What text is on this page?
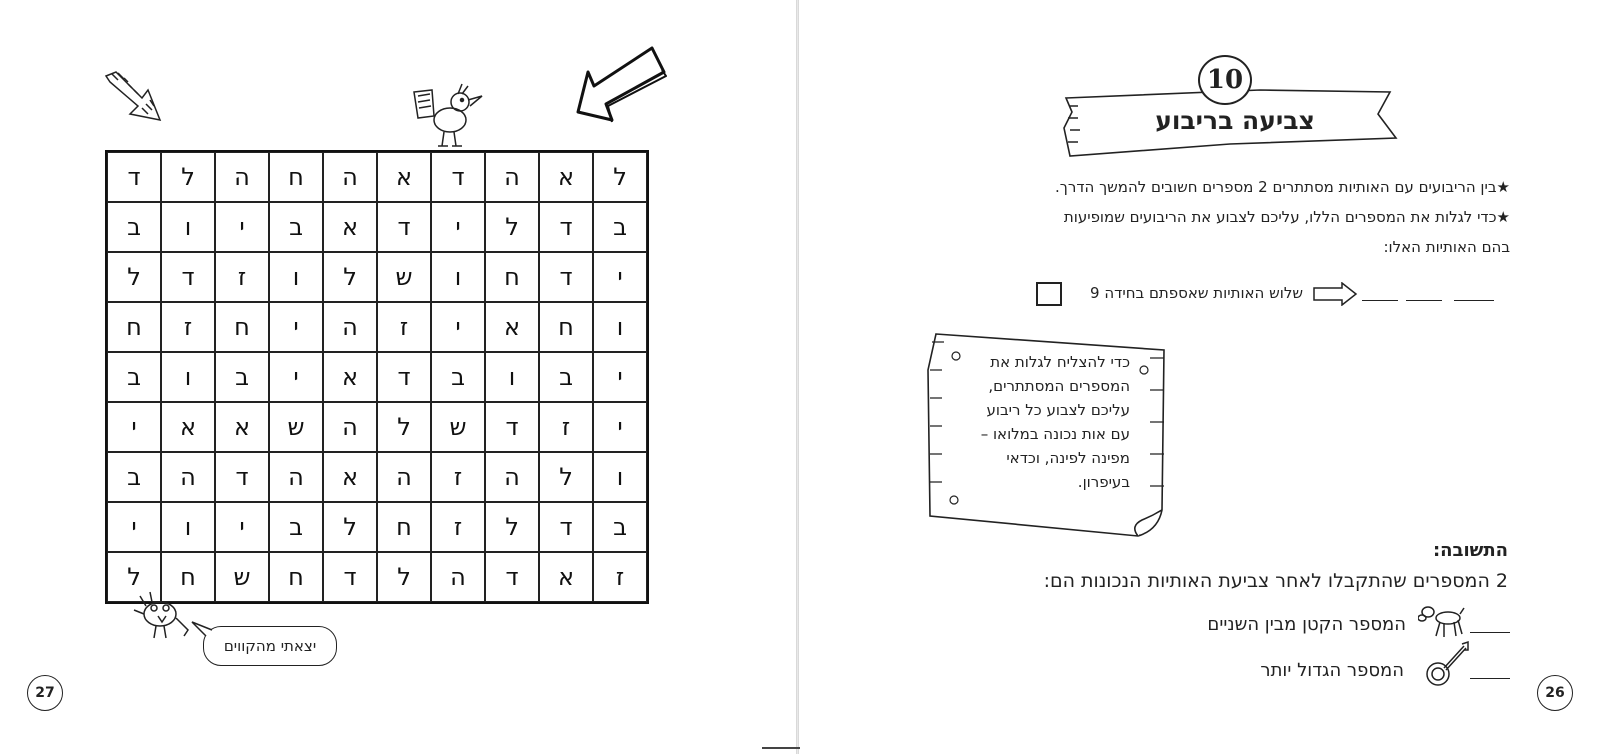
ל
א
ה
ד
א
ה
ח
ה
ל
ד
ב
ד
ל
י
ד
א
ב
י
ו
ב
י
ד
ח
ו
ש
ל
ו
ז
ד
ל
ו
ח
א
י
ז
ה
י
ח
ז
ח
י
ב
ו
ב
ד
א
י
ב
ו
ב
י
ז
ד
ש
ל
ה
ש
א
א
י
ו
ל
ה
ז
ה
א
ה
ד
ה
ב
ב
ד
ל
ז
ח
ל
ב
י
ו
י
ז
א
ד
ה
ל
ד
ח
ש
ח
ל
יצאתי מהקווים
27
10
צביעה בריבוע
★בין הריבועים עם האותיות מסתתרים 2 מספרים חשובים להמשך הדרך.
★כדי לגלות את המספרים הללו, עליכם לצבוע את הריבועים שמופיעות
בהם האותיות האלו:
שלוש האותיות שאספתם בחידה 9
כדי להצליח לגלות את
המספרים המסתתרים,
עליכם לצבוע כל ריבוע
עם אות נכונה במלואו –
מפינה לפינה, וכדאי
בעיפרון.
התשובה:
2 המספרים שהתקבלו לאחר צביעת האותיות הנכונות הם:
המספר הקטן מבין השניים
המספר הגדול יותר
26
